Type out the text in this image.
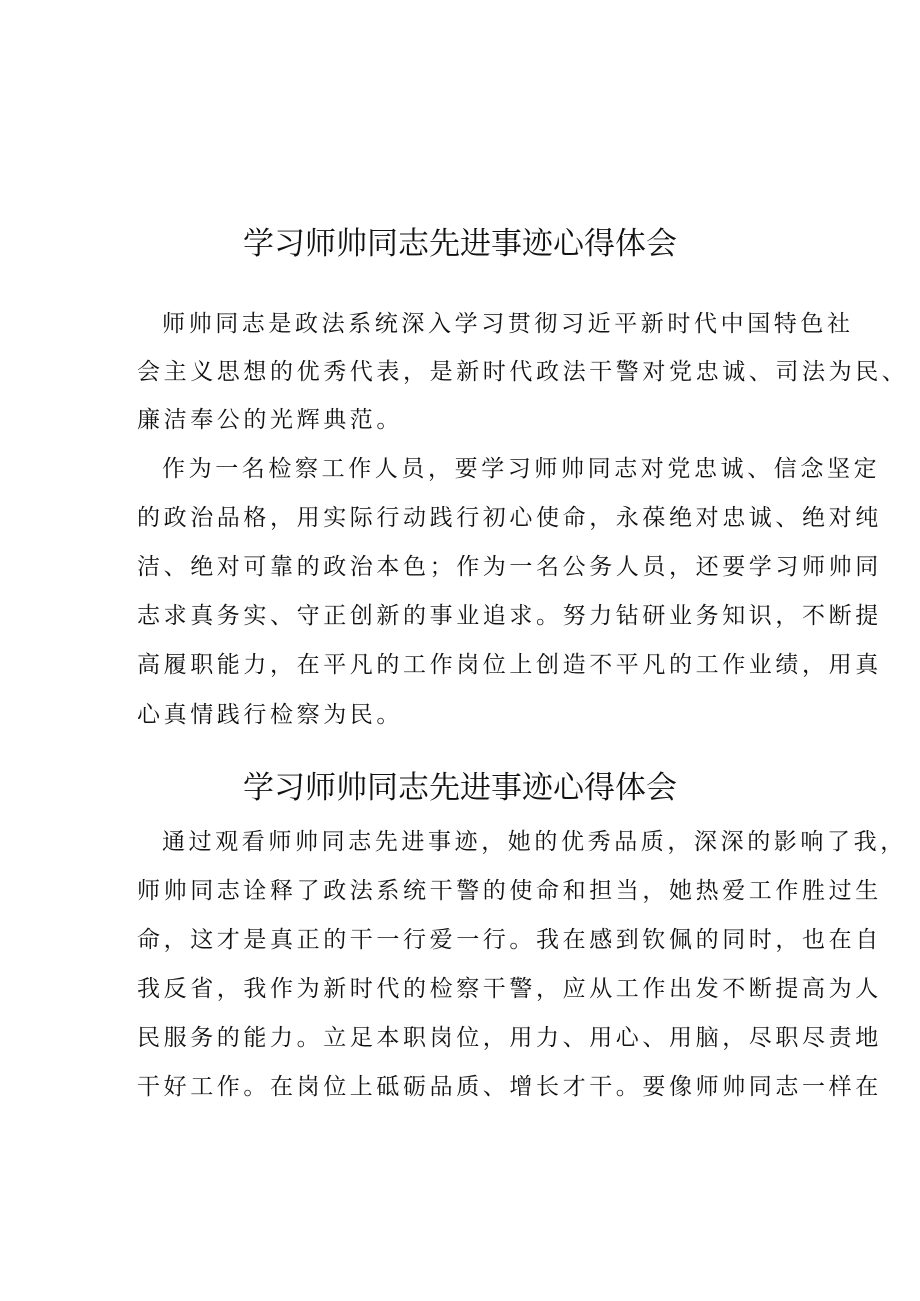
学习师帅同志先进事迹心得体会
师帅同志是政法系统深入学习贯彻习近平新时代中国特色社
会主义思想的优秀代表，是新时代政法干警对党忠诚、司法为民、
廉洁奉公的光辉典范。
作为一名检察工作人员，要学习师帅同志对党忠诚、信念坚定
的政治品格，用实际行动践行初心使命，永葆绝对忠诚、绝对纯
洁、绝对可靠的政治本色；作为一名公务人员，还要学习师帅同
志求真务实、守正创新的事业追求。努力钻研业务知识，不断提
高履职能力，在平凡的工作岗位上创造不平凡的工作业绩，用真
心真情践行检察为民。
学习师帅同志先进事迹心得体会
通过观看师帅同志先进事迹，她的优秀品质，深深的影响了我，
师帅同志诠释了政法系统干警的使命和担当，她热爱工作胜过生
命，这才是真正的干一行爱一行。我在感到钦佩的同时，也在自
我反省，我作为新时代的检察干警，应从工作出发不断提高为人
民服务的能力。立足本职岗位，用力、用心、用脑，尽职尽责地
干好工作。在岗位上砥砺品质、增长才干。要像师帅同志一样在
